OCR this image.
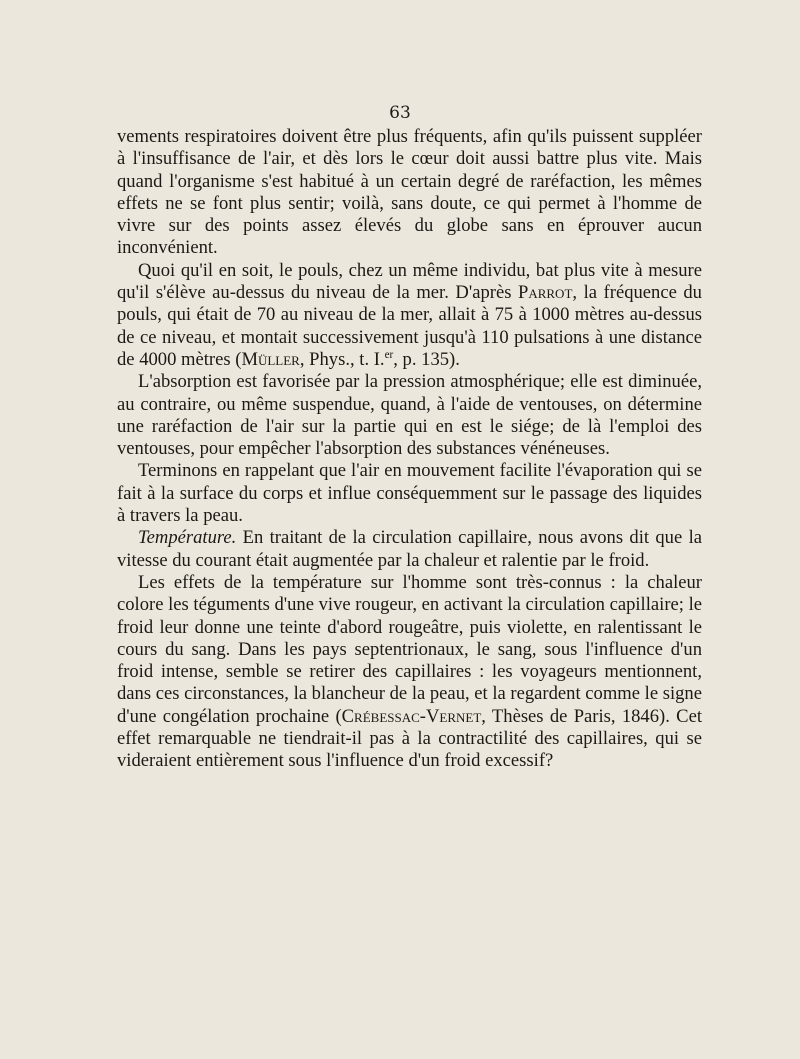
63

vements respiratoires doivent être plus fréquents, afin qu'ils puissent suppléer à l'insuffisance de l'air, et dès lors le cœur doit aussi battre plus vite. Mais quand l'organisme s'est habitué à un certain degré de raréfaction, les mêmes effets ne se font plus sentir; voilà, sans doute, ce qui permet à l'homme de vivre sur des points assez élevés du globe sans en éprouver aucun inconvénient.

Quoi qu'il en soit, le pouls, chez un même individu, bat plus vite à mesure qu'il s'élève au-dessus du niveau de la mer. D'après Parrot, la fréquence du pouls, qui était de 70 au niveau de la mer, allait à 75 à 1000 mètres au-dessus de ce niveau, et montait successivement jusqu'à 110 pulsations à une distance de 4000 mètres (Müller, Phys., t. I.$^{er}$, p. 135).

L'absorption est favorisée par la pression atmosphérique; elle est diminuée, au contraire, ou même suspendue, quand, à l'aide de ventouses, on détermine une raréfaction de l'air sur la partie qui en est le siége; de là l'emploi des ventouses, pour empêcher l'absorption des substances vénéneuses.

Terminons en rappelant que l'air en mouvement facilite l'évaporation qui se fait à la surface du corps et influe conséquemment sur le passage des liquides à travers la peau.

Température. En traitant de la circulation capillaire, nous avons dit que la vitesse du courant était augmentée par la chaleur et ralentie par le froid.

Les effets de la température sur l'homme sont très-connus : la chaleur colore les téguments d'une vive rougeur, en activant la circulation capillaire; le froid leur donne une teinte d'abord rougeâtre, puis violette, en ralentissant le cours du sang. Dans les pays septentrionaux, le sang, sous l'influence d'un froid intense, semble se retirer des capillaires : les voyageurs mentionnent, dans ces circonstances, la blancheur de la peau, et la regardent comme le signe d'une congélation prochaine (Crébessac-Vernet, Thèses de Paris, 1846). Cet effet remarquable ne tiendrait-il pas à la contractilité des capillaires, qui se videraient entièrement sous l'influence d'un froid excessif?
